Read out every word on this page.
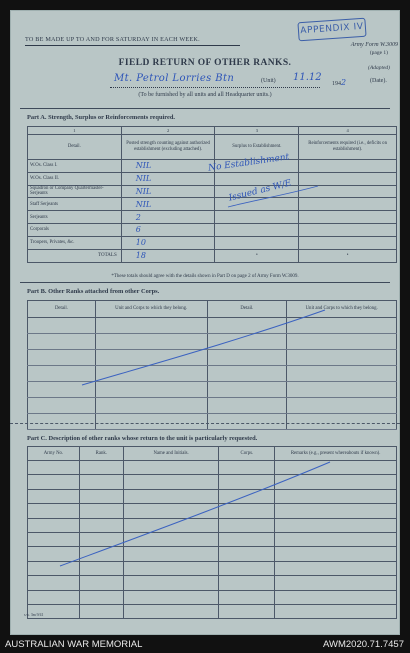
TO BE MADE UP TO AND FOR SATURDAY IN EACH WEEK.
APPENDIX IV
Army Form W.3009
(page 1)
FIELD RETURN OF OTHER RANKS.
Mt. Petrol Lorries Btn	(Unit) 11.12
1942	(Date).
(Adapted)
(To be furnished by all units and all Headquarter units.)
Part A. Strength, Surplus or Reinforcements required.
1	2	3	4
Detail.	Posted strength counting against authorized establishment (excluding attached).	Surplus to Establishment.	Reinforcements required (i.e., deficits on establishment).
W.Os. Class I.	NIL		
W.Os. Class II.	NIL		
Squadron or Company Quartermaster-Serjeants	NIL		
Staff Serjeants	NIL		
Serjeants	2		
Corporals	6		
Troopers, Privates, &c.	10		
TOTALS	18	•	•
No Establishment
Issued as W/E
*These totals should agree with the details shown in Part D on page 2 of Army Form W.3009.
Part B. Other Ranks attached from other Corps.
Detail.	Unit and Corps to which they belong.	Detail.	Unit and Corps to which they belong.

Part C. Description of other ranks whose return to the unit is particularly requested.
Army No.	Rank.	Name and Initials.	Corps.	Remarks (e.g., present whereabouts if known).

s.w. 3m 9/41
AUSTRALIAN WAR MEMORIAL	AWM2020.71.7457
